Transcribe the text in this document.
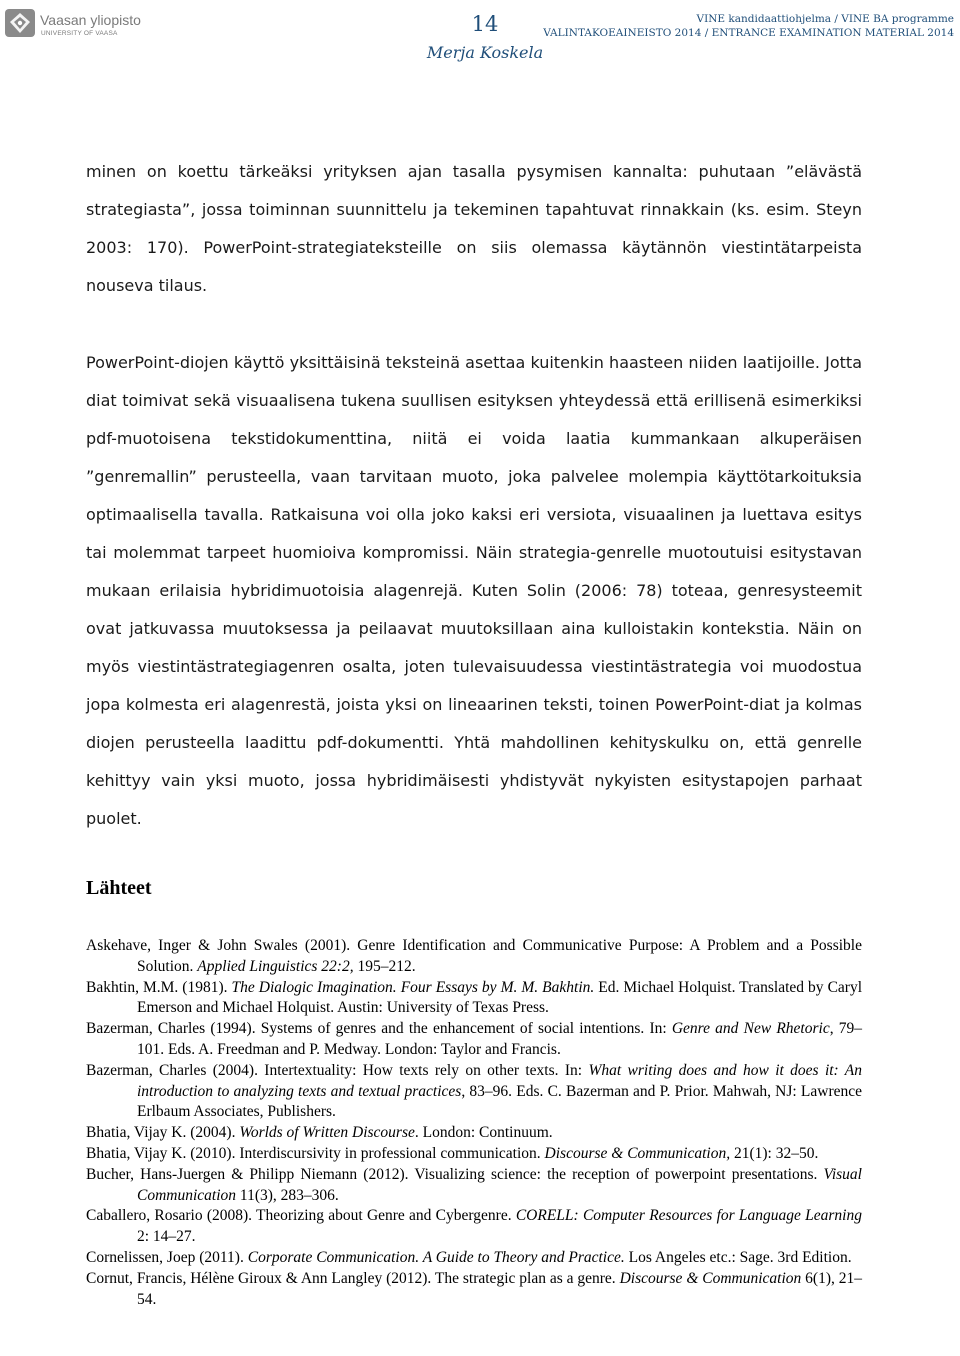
Vaasan yliopisto
UNIVERSITY OF VAASA	14
Merja Koskela
VINE kandidaattiohjelma / VINE BA programme
VALINTAKOEAINEISTO 2014 / ENTRANCE EXAMINATION MATERIAL 2014

minen on koettu tärkeäksi yrityksen ajan tasalla pysymisen kannalta: puhutaan ”elävästä strategiasta”, jossa toiminnan suunnittelu ja tekeminen tapahtuvat rinnakkain (ks. esim. Steyn 2003: 170). PowerPoint-strategiateksteille on siis olemassa käytännön viestintätarpeista nouseva tilaus.

PowerPoint-diojen käyttö yksittäisinä teksteinä asettaa kuitenkin haasteen niiden laatijoille. Jotta diat toimivat sekä visuaalisena tukena suullisen esityksen yhteydessä että erillisenä esimerkiksi pdf-muotoisena tekstidokumenttina, niitä ei voida laatia kummankaan alkuperäisen ”genremallin” perusteella, vaan tarvitaan muoto, joka palvelee molempia käyttötarkoituksia optimaalisella tavalla. Ratkaisuna voi olla joko kaksi eri versiota, visuaalinen ja luettava esitys tai molemmat tarpeet huomioiva kompromissi. Näin strategia-genrelle muotoutuisi esitystavan mukaan erilaisia hybridimuotoisia alagenrejä. Kuten Solin (2006: 78) toteaa, genresysteemit ovat jatkuvassa muutoksessa ja peilaavat muutoksillaan aina kulloistakin kontekstia. Näin on myös viestintästrategiagenren osalta, joten tulevaisuudessa viestintästrategia voi muodostua jopa kolmesta eri alagenrestä, joista yksi on lineaarinen teksti, toinen PowerPoint-diat ja kolmas diojen perusteella laadittu pdf-dokumentti. Yhtä mahdollinen kehityskulku on, että genrelle kehittyy vain yksi muoto, jossa hybridimäisesti yhdistyvät nykyisten esitystapojen parhaat puolet.

Lähteet
Askehave, Inger & John Swales (2001). Genre Identification and Communicative Purpose: A Problem and a Possible Solution. Applied Linguistics 22:2, 195–212.
Bakhtin, M.M. (1981). The Dialogic Imagination. Four Essays by M. M. Bakhtin. Ed. Michael Holquist. Translated by Caryl Emerson and Michael Holquist. Austin: University of Texas Press.
Bazerman, Charles (1994). Systems of genres and the enhancement of social intentions. In: Genre and New Rhetoric, 79–101. Eds. A. Freedman and P. Medway. London: Taylor and Francis.
Bazerman, Charles (2004). Intertextuality: How texts rely on other texts. In: What writing does and how it does it: An introduction to analyzing texts and textual practices, 83–96. Eds. C. Bazerman and P. Prior. Mahwah, NJ: Lawrence Erlbaum Associates, Publishers.
Bhatia, Vijay K. (2004). Worlds of Written Discourse. London: Continuum.
Bhatia, Vijay K. (2010). Interdiscursivity in professional communication. Discourse & Communication, 21(1): 32–50.
Bucher, Hans-Juergen & Philipp Niemann (2012). Visualizing science: the reception of powerpoint presentations. Visual Communication 11(3), 283–306.
Caballero, Rosario (2008). Theorizing about Genre and Cybergenre. CORELL: Computer Resources for Language Learning 2: 14–27.
Cornelissen, Joep (2011). Corporate Communication. A Guide to Theory and Practice. Los Angeles etc.: Sage. 3rd Edition.
Cornut, Francis, Hélène Giroux & Ann Langley (2012). The strategic plan as a genre. Discourse & Communication 6(1), 21–54.
